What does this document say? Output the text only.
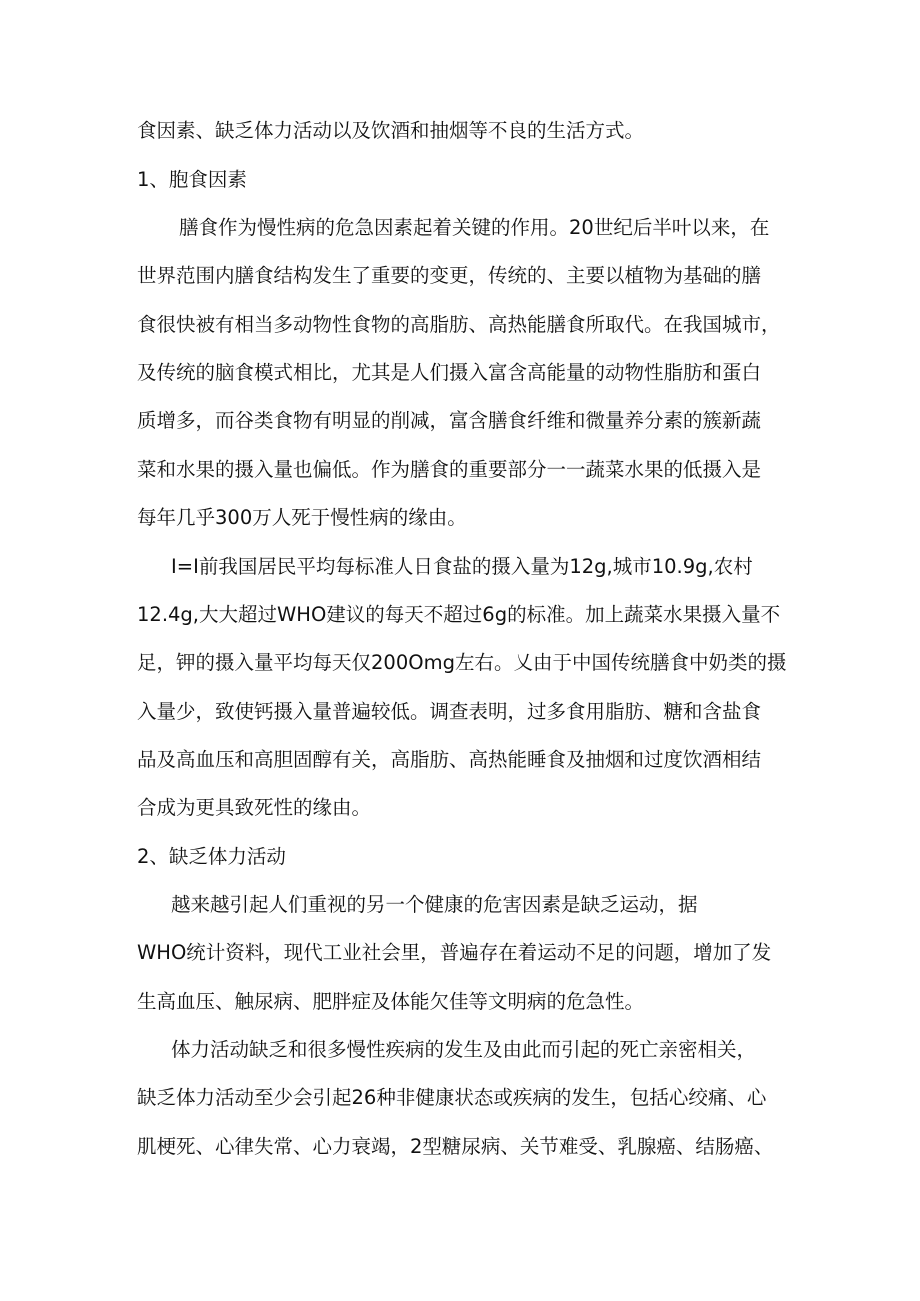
食因素、缺乏体力活动以及饮酒和抽烟等不良的生活方式。
1、胞食因素
膳食作为慢性病的危急因素起着关键的作用。20世纪后半叶以来，在
世界范围内膳食结构发生了重要的变更，传统的、主要以植物为基础的膳
食很快被有相当多动物性食物的高脂肪、高热能膳食所取代。在我国城市，
及传统的脑食模式相比，尤其是人们摄入富含高能量的动物性脂肪和蛋白
质增多，而谷类食物有明显的削减，富含膳食纤维和微量养分素的簇新蔬
菜和水果的摄入量也偏低。作为膳食的重要部分一一蔬菜水果的低摄入是
每年几乎300万人死于慢性病的缘由。
I=I前我国居民平均每标准人日食盐的摄入量为12g,城市10.9g,农村
12.4g,大大超过WHO建议的每天不超过6g的标准。加上蔬菜水果摄入量不
足，钾的摄入量平均每天仅200Omg左右。乂由于中国传统膳食中奶类的摄
入量少，致使钙摄入量普遍较低。调查表明，过多食用脂肪、糖和含盐食
品及高血压和高胆固醇有关，高脂肪、高热能睡食及抽烟和过度饮酒相结
合成为更具致死性的缘由。
2、缺乏体力活动
越来越引起人们重视的另一个健康的危害因素是缺乏运动，据
WHO统计资料，现代工业社会里，普遍存在着运动不足的问题，增加了发
生高血压、触尿病、肥胖症及体能欠佳等文明病的危急性。
体力活动缺乏和很多慢性疾病的发生及由此而引起的死亡亲密相关，
缺乏体力活动至少会引起26种非健康状态或疾病的发生，包括心绞痛、心
肌梗死、心律失常、心力衰竭，2型糖尿病、关节难受、乳腺癌、结肠癌、
